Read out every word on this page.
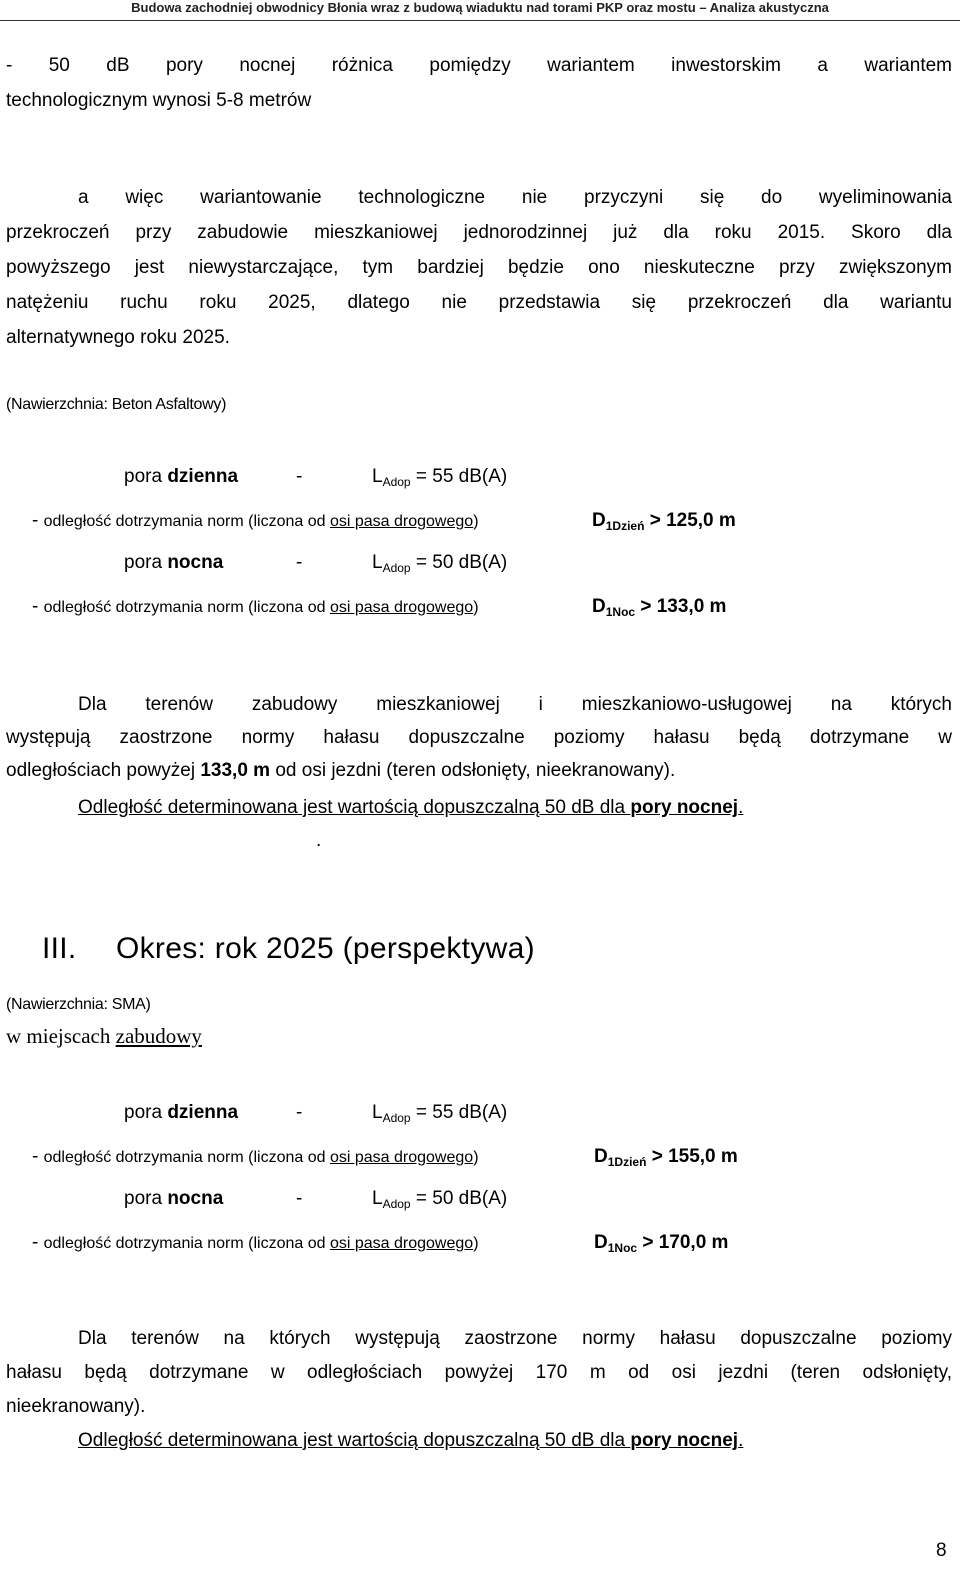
Budowa zachodniej obwodnicy Błonia wraz z budową wiaduktu nad torami PKP oraz mostu – Analiza akustyczna
- 50 dB pory nocnej różnica pomiędzy wariantem inwestorskim a wariantem
technologicznym wynosi 5-8 metrów
a więc wariantowanie technologiczne nie przyczyni się do wyeliminowania
przekroczeń przy zabudowie mieszkaniowej jednorodzinnej już dla roku 2015. Skoro dla
powyższego jest niewystarczające, tym bardziej będzie ono nieskuteczne przy zwiększonym
natężeniu ruchu roku 2025, dlatego nie przedstawia się przekroczeń dla wariantu
alternatywnego roku 2025.
(Nawierzchnia: Beton Asfaltowy)
pora dzienna	-	$L_{Adop} = 55$ dB(A)
- odległość dotrzymania norm (liczona od osi pasa drogowego)	$D_{1Dzień} > 125,0$ m
pora nocna	-	$L_{Adop} = 50$ dB(A)
- odległość dotrzymania norm (liczona od osi pasa drogowego)	$D_{1Noc} > 133,0$ m
Dla terenów zabudowy mieszkaniowej i mieszkaniowo-usługowej na których
występują zaostrzone normy hałasu dopuszczalne poziomy hałasu będą dotrzymane w
odległościach powyżej 133,0 m od osi jezdni (teren odsłonięty, nieekranowany).
Odległość determinowana jest wartością dopuszczalną 50 dB dla pory nocnej.
.
III. Okres: rok 2025 (perspektywa)
(Nawierzchnia: SMA)
w miejscach zabudowy
pora dzienna	-	$L_{Adop} = 55$ dB(A)
- odległość dotrzymania norm (liczona od osi pasa drogowego)	$D_{1Dzień} > 155,0$ m
pora nocna	-	$L_{Adop} = 50$ dB(A)
- odległość dotrzymania norm (liczona od osi pasa drogowego)	$D_{1Noc} > 170,0$ m
Dla terenów na których występują zaostrzone normy hałasu dopuszczalne poziomy
hałasu będą dotrzymane w odległościach powyżej 170 m od osi jezdni (teren odsłonięty,
nieekranowany).
Odległość determinowana jest wartością dopuszczalną 50 dB dla pory nocnej.
8
